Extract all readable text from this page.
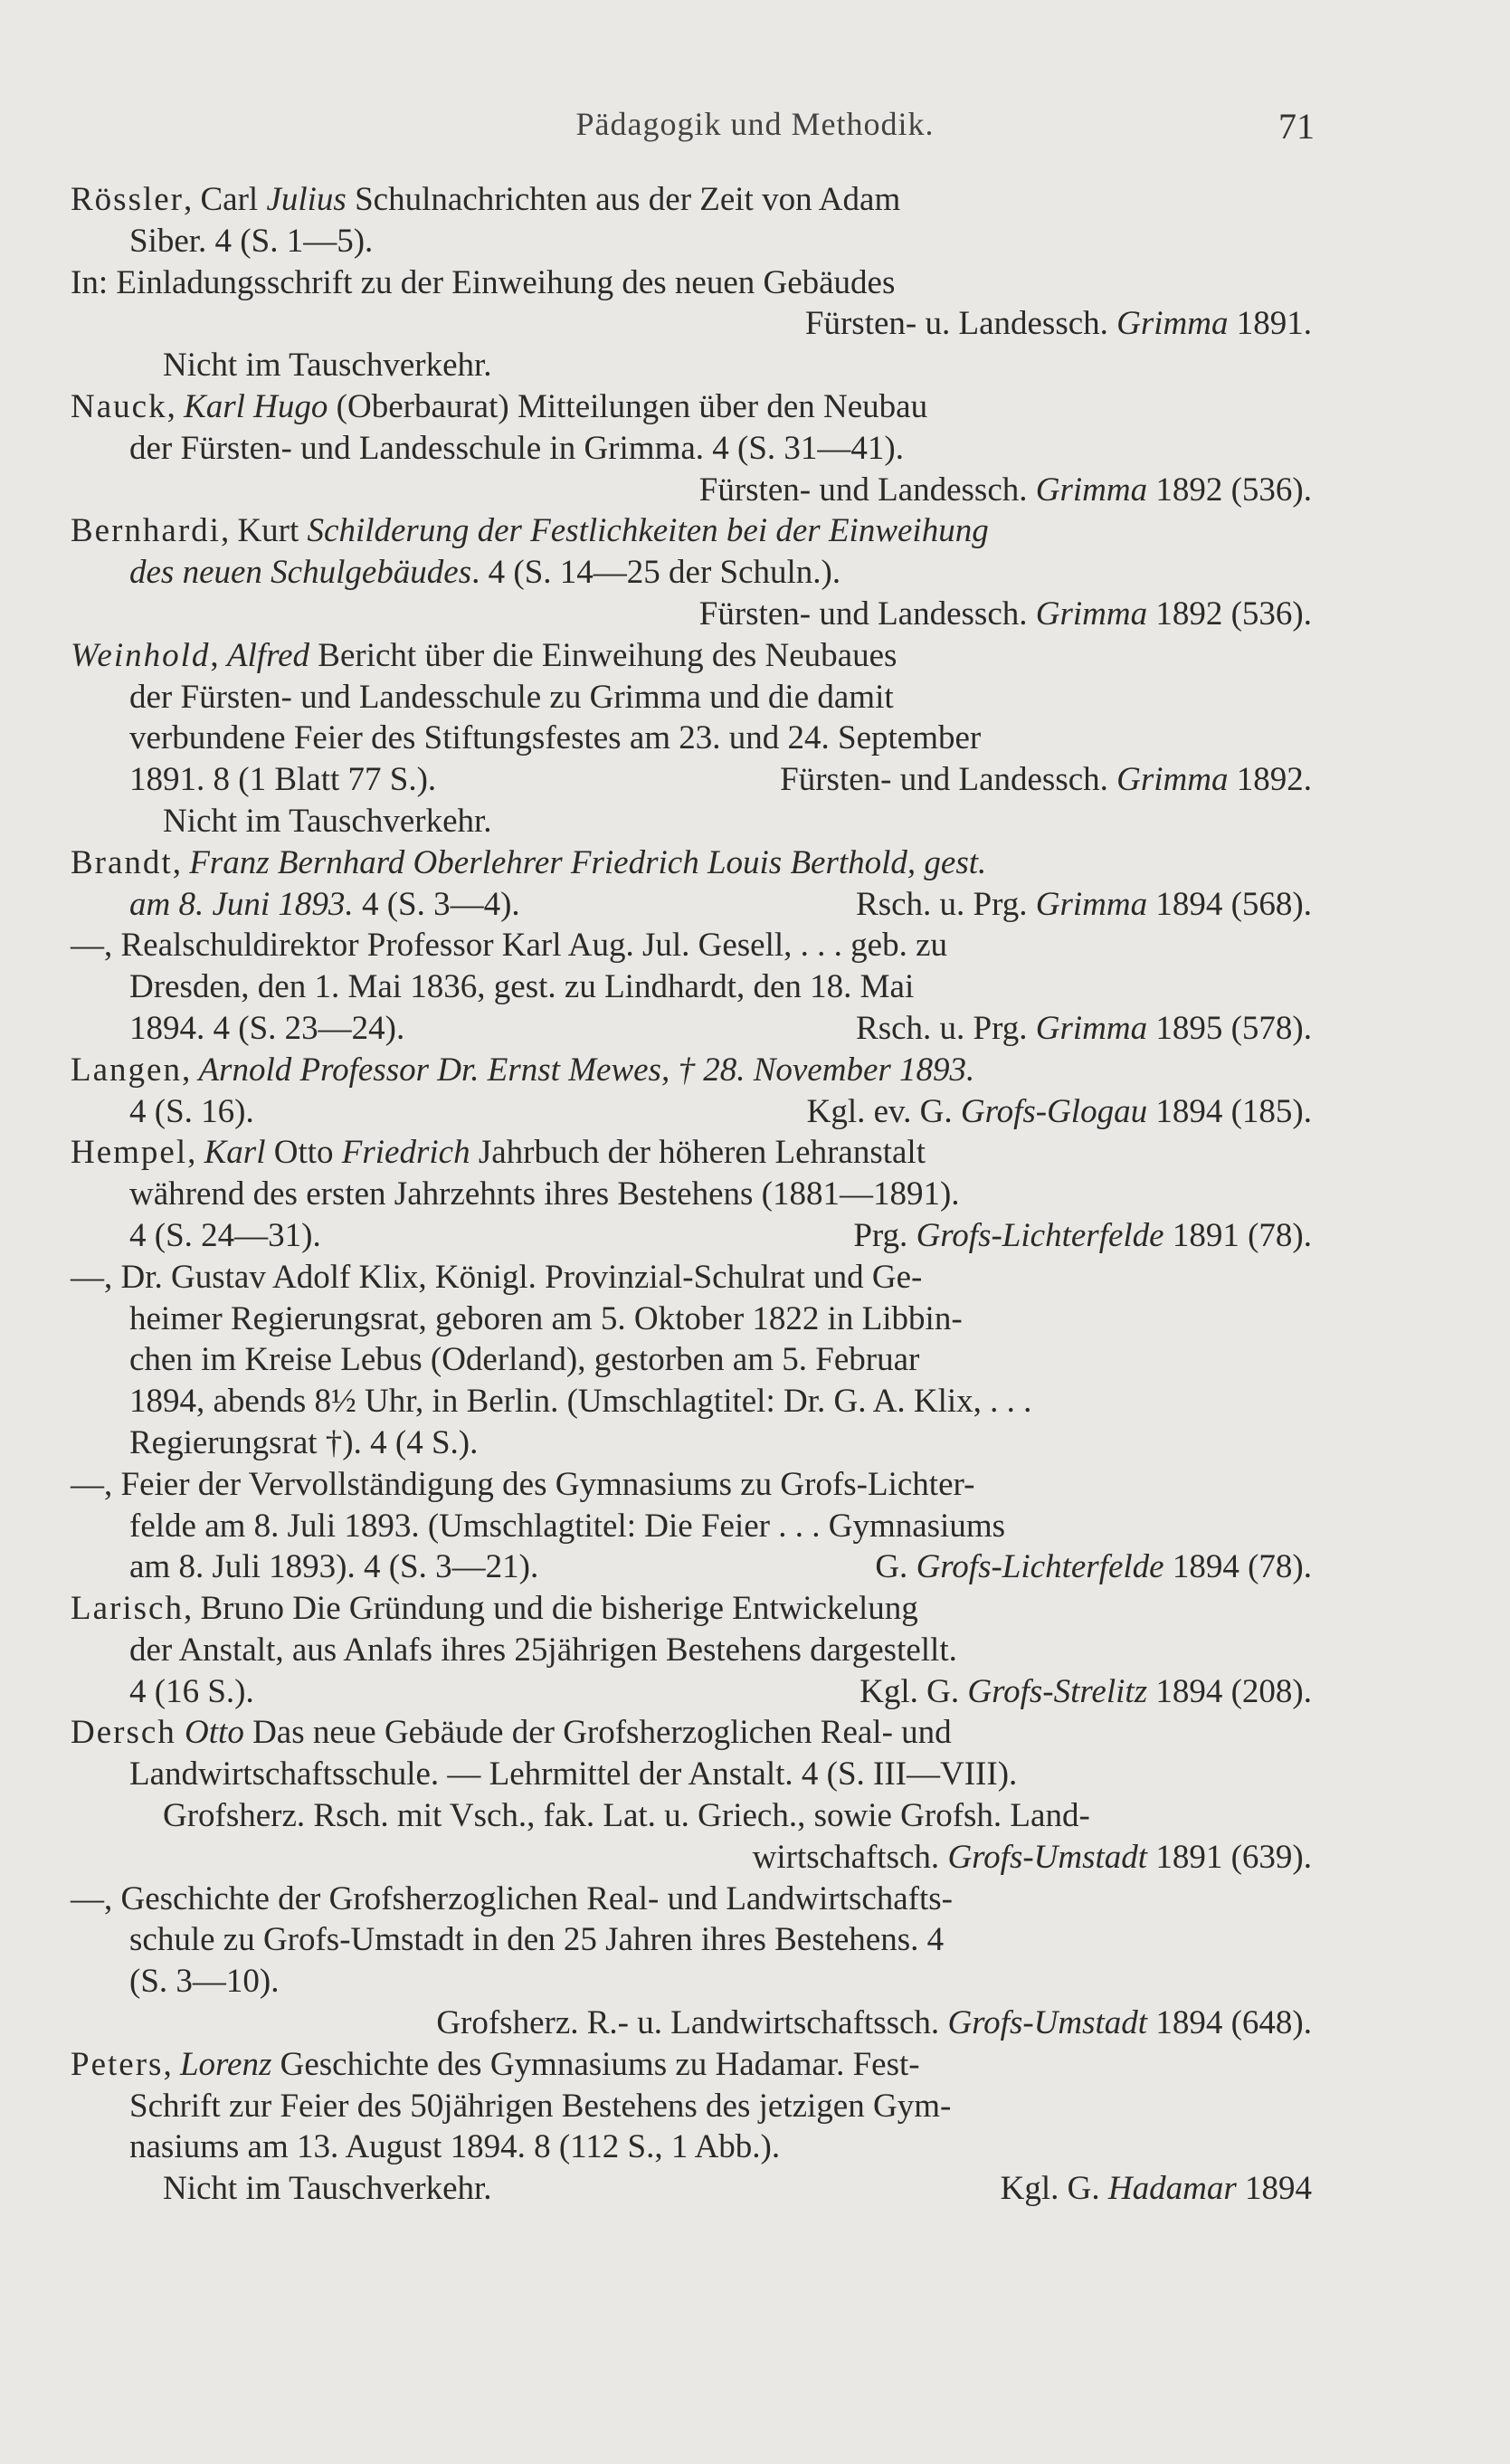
Pädagogik und Methodik.	71
Rössler, Carl Julius Schulnachrichten aus der Zeit von Adam
Siber. 4 (S. 1—5).
In: Einladungsschrift zu der Einweihung des neuen Gebäudes
Fürsten- u. Landessch. Grimma 1891.
Nicht im Tauschverkehr.
Nauck, Karl Hugo (Oberbaurat) Mitteilungen über den Neubau
der Fürsten- und Landesschule in Grimma. 4 (S. 31—41).
Fürsten- und Landessch. Grimma 1892 (536).
Bernhardi, Kurt Schilderung der Festlichkeiten bei der Einweihung
des neuen Schulgebäudes. 4 (S. 14—25 der Schuln.).
Fürsten- und Landessch. Grimma 1892 (536).
Weinhold, Alfred Bericht über die Einweihung des Neubaues
der Fürsten- und Landesschule zu Grimma und die damit
verbundene Feier des Stiftungsfestes am 23. und 24. September
1891. 8 (1 Blatt 77 S.).	Fürsten- und Landessch. Grimma 1892.
Nicht im Tauschverkehr.
Brandt, Franz Bernhard Oberlehrer Friedrich Louis Berthold, gest.
am 8. Juni 1893. 4 (S. 3—4).	Rsch. u. Prg. Grimma 1894 (568).
—, Realschuldirektor Professor Karl Aug. Jul. Gesell, . . . geb. zu
Dresden, den 1. Mai 1836, gest. zu Lindhardt, den 18. Mai
1894. 4 (S. 23—24).	Rsch. u. Prg. Grimma 1895 (578).
Langen, Arnold Professor Dr. Ernst Mewes, † 28. November 1893.
4 (S. 16).	Kgl. ev. G. Grofs-Glogau 1894 (185).
Hempel, Karl Otto Friedrich Jahrbuch der höheren Lehranstalt
während des ersten Jahrzehnts ihres Bestehens (1881—1891).
4 (S. 24—31).	Prg. Grofs-Lichterfelde 1891 (78).
—, Dr. Gustav Adolf Klix, Königl. Provinzial-Schulrat und Ge-
heimer Regierungsrat, geboren am 5. Oktober 1822 in Libbin-
chen im Kreise Lebus (Oderland), gestorben am 5. Februar
1894, abends 8½ Uhr, in Berlin. (Umschlagtitel: Dr. G. A. Klix, . . .
Regierungsrat †). 4 (4 S.).
—, Feier der Vervollständigung des Gymnasiums zu Grofs-Lichter-
felde am 8. Juli 1893. (Umschlagtitel: Die Feier . . . Gymnasiums
am 8. Juli 1893). 4 (S. 3—21).	G. Grofs-Lichterfelde 1894 (78).
Larisch, Bruno Die Gründung und die bisherige Entwickelung
der Anstalt, aus Anlafs ihres 25jährigen Bestehens dargestellt.
4 (16 S.).	Kgl. G. Grofs-Strelitz 1894 (208).
Dersch Otto Das neue Gebäude der Grofsherzoglichen Real- und
Landwirtschaftsschule. — Lehrmittel der Anstalt. 4 (S. III—VIII).
Grofsherz. Rsch. mit Vsch., fak. Lat. u. Griech., sowie Grofsh. Land-
wirtschaftsch. Grofs-Umstadt 1891 (639).
—, Geschichte der Grofsherzoglichen Real- und Landwirtschafts-
schule zu Grofs-Umstadt in den 25 Jahren ihres Bestehens. 4
(S. 3—10).
Grofsherz. R.- u. Landwirtschaftssch. Grofs-Umstadt 1894 (648).
Peters, Lorenz Geschichte des Gymnasiums zu Hadamar. Fest-
Schrift zur Feier des 50jährigen Bestehens des jetzigen Gym-
nasiums am 13. August 1894. 8 (112 S., 1 Abb.).
Nicht im Tauschverkehr.	Kgl. G. Hadamar 1894
